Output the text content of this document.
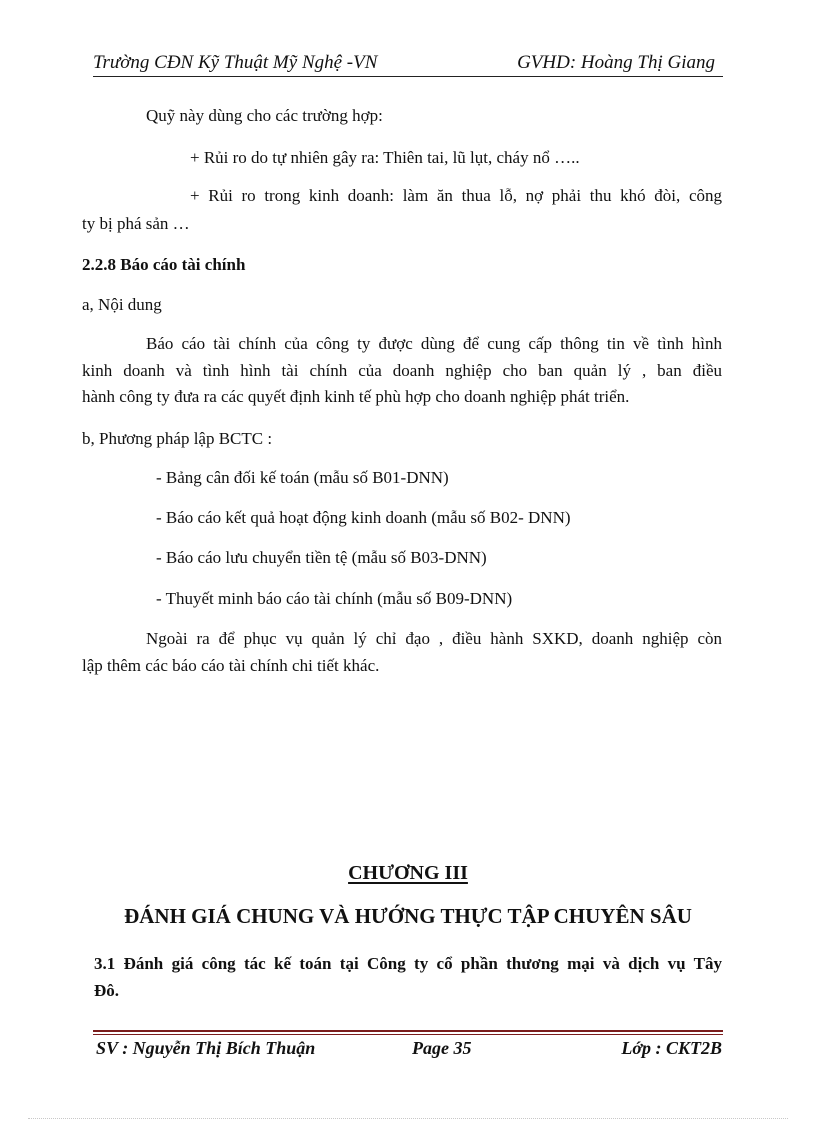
Trường CĐN Kỹ Thuật Mỹ Nghệ -VN	GVHD: Hoàng Thị Giang
Quỹ này dùng cho các trường hợp:
+ Rủi ro do tự nhiên gây ra: Thiên tai, lũ lụt, cháy nổ …..
+ Rủi ro trong kinh doanh: làm ăn thua lỗ, nợ phải thu khó đòi, công
ty bị phá sản …
2.2.8 Báo cáo tài chính
a, Nội dung
Báo cáo tài chính của công ty được dùng để cung cấp thông tin về tình hình
kinh doanh và tình hình tài chính của doanh nghiệp cho ban quản lý , ban điều
hành công ty đưa ra các quyết định kinh tế phù hợp cho doanh nghiệp phát triển.
b, Phương pháp lập BCTC :
- Bảng cân đối kế toán (mẫu số B01-DNN)
- Báo cáo kết quả hoạt động kinh doanh (mẫu số B02- DNN)
- Báo cáo lưu chuyển tiền tệ (mẫu số B03-DNN)
- Thuyết minh báo cáo tài chính (mẫu số B09-DNN)
Ngoài ra để phục vụ quản lý chỉ đạo , điều hành SXKD, doanh nghiệp còn
lập thêm các báo cáo tài chính chi tiết khác.
CHƯƠNG III
ĐÁNH GIÁ CHUNG VÀ HƯỚNG THỰC TẬP CHUYÊN SÂU
3.1 Đánh giá công tác kế toán tại Công ty cổ phần thương mại và dịch vụ Tây
Đô.
SV : Nguyễn Thị Bích Thuận	Page 35	Lớp : CKT2B
